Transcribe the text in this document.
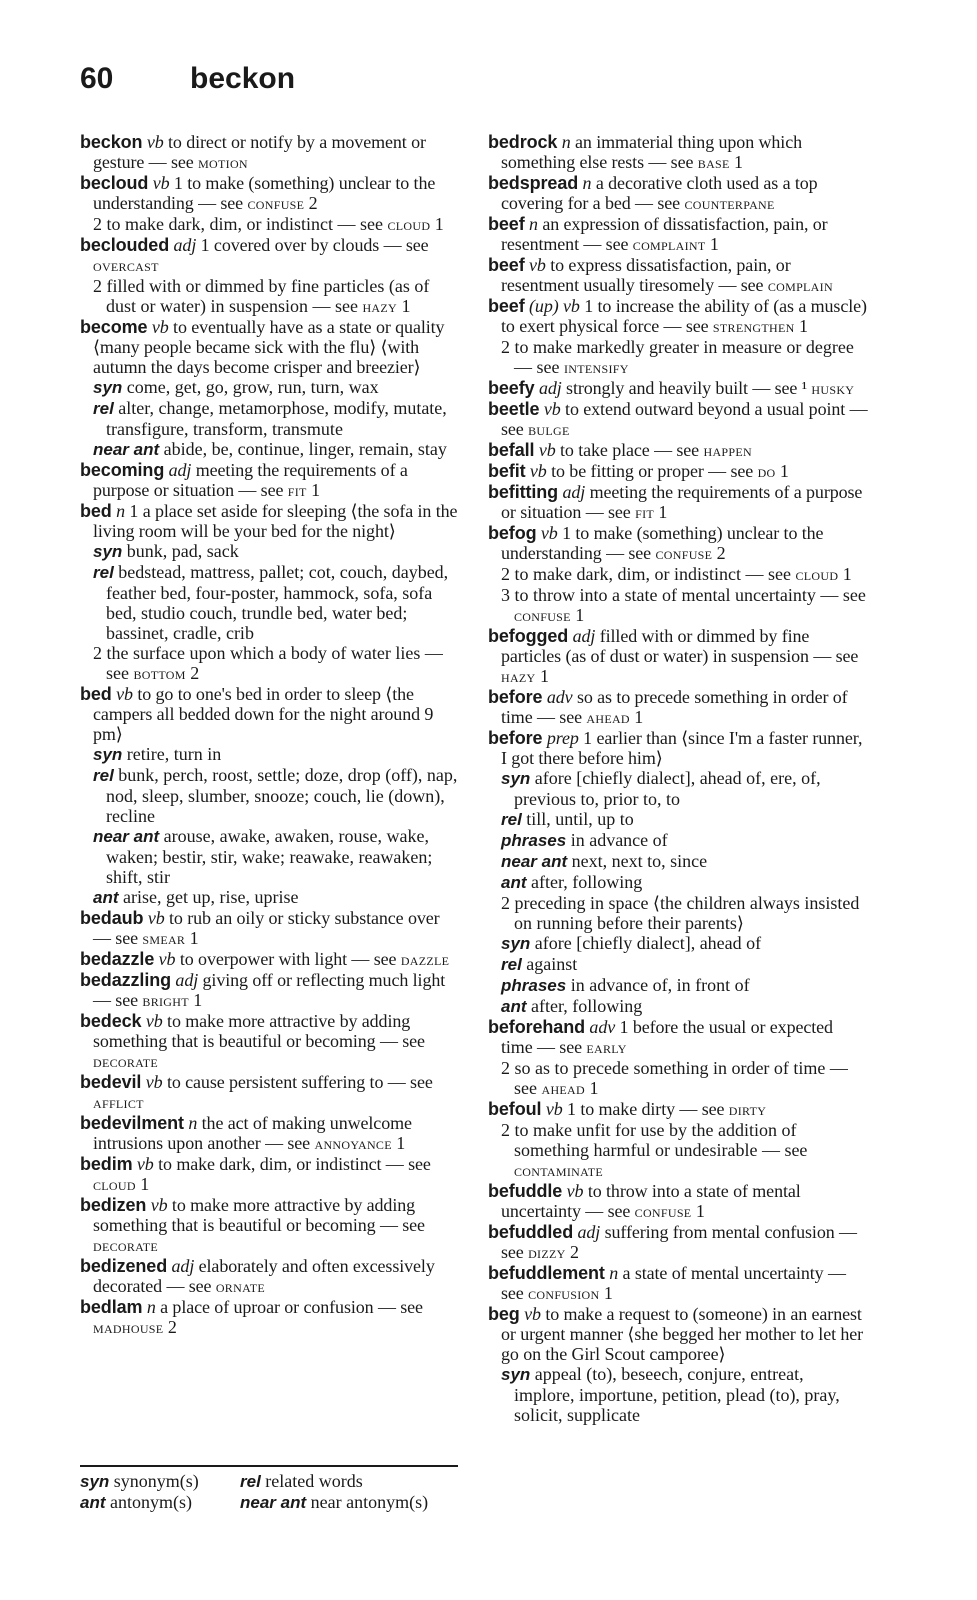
60	beckon
beckon vb to direct or notify by a movement or gesture — see motion
becloud vb 1 to make (something) unclear to the understanding — see confuse 2
2 to make dark, dim, or indistinct — see cloud 1
beclouded adj 1 covered over by clouds — see overcast
2 filled with or dimmed by fine particles (as of dust or water) in suspension — see hazy 1
become vb to eventually have as a state or quality ⟨many people became sick with the flu⟩ ⟨with autumn the days become crisper and breezier⟩
syn come, get, go, grow, run, turn, wax
rel alter, change, metamorphose, modify, mutate, transfigure, transform, transmute
near ant abide, be, continue, linger, remain, stay
becoming adj meeting the requirements of a purpose or situation — see fit 1
bed n 1 a place set aside for sleeping ⟨the sofa in the living room will be your bed for the night⟩
syn bunk, pad, sack
rel bedstead, mattress, pallet; cot, couch, daybed, feather bed, four-poster, hammock, sofa, sofa bed, studio couch, trundle bed, water bed; bassinet, cradle, crib
2 the surface upon which a body of water lies — see bottom 2
bed vb to go to one's bed in order to sleep ⟨the campers all bedded down for the night around 9 pm⟩
syn retire, turn in
rel bunk, perch, roost, settle; doze, drop (off), nap, nod, sleep, slumber, snooze; couch, lie (down), recline
near ant arouse, awake, awaken, rouse, wake, waken; bestir, stir, wake; reawake, reawaken; shift, stir
ant arise, get up, rise, uprise
bedaub vb to rub an oily or sticky substance over — see smear 1
bedazzle vb to overpower with light — see dazzle
bedazzling adj giving off or reflecting much light — see bright 1
bedeck vb to make more attractive by adding something that is beautiful or becoming — see decorate
bedevil vb to cause persistent suffering to — see afflict
bedevilment n the act of making unwelcome intrusions upon another — see annoyance 1
bedim vb to make dark, dim, or indistinct — see cloud 1
bedizen vb to make more attractive by adding something that is beautiful or becoming — see decorate
bedizened adj elaborately and often excessively decorated — see ornate
bedlam n a place of uproar or confusion — see madhouse 2
bedrock n an immaterial thing upon which something else rests — see base 1
bedspread n a decorative cloth used as a top covering for a bed — see counterpane
beef n an expression of dissatisfaction, pain, or resentment — see complaint 1
beef vb to express dissatisfaction, pain, or resentment usually tiresomely — see complain
beef (up) vb 1 to increase the ability of (as a muscle) to exert physical force — see strengthen 1
2 to make markedly greater in measure or degree — see intensify
beefy adj strongly and heavily built — see ¹ husky
beetle vb to extend outward beyond a usual point — see bulge
befall vb to take place — see happen
befit vb to be fitting or proper — see do 1
befitting adj meeting the requirements of a purpose or situation — see fit 1
befog vb 1 to make (something) unclear to the understanding — see confuse 2
2 to make dark, dim, or indistinct — see cloud 1
3 to throw into a state of mental uncertainty — see confuse 1
befogged adj filled with or dimmed by fine particles (as of dust or water) in suspension — see hazy 1
before adv so as to precede something in order of time — see ahead 1
before prep 1 earlier than ⟨since I'm a faster runner, I got there before him⟩
syn afore [chiefly dialect], ahead of, ere, of, previous to, prior to, to
rel till, until, up to
phrases in advance of
near ant next, next to, since
ant after, following
2 preceding in space ⟨the children always insisted on running before their parents⟩
syn afore [chiefly dialect], ahead of
rel against
phrases in advance of, in front of
ant after, following
beforehand adv 1 before the usual or expected time — see early
2 so as to precede something in order of time — see ahead 1
befoul vb 1 to make dirty — see dirty
2 to make unfit for use by the addition of something harmful or undesirable — see contaminate
befuddle vb to throw into a state of mental uncertainty — see confuse 1
befuddled adj suffering from mental confusion — see dizzy 2
befuddlement n a state of mental uncertainty — see confusion 1
beg vb to make a request to (someone) in an earnest or urgent manner ⟨she begged her mother to let her go on the Girl Scout camporee⟩
syn appeal (to), beseech, conjure, entreat, implore, importune, petition, plead (to), pray, solicit, supplicate
syn synonym(s)	rel related words
ant antonym(s)	near ant near antonym(s)
